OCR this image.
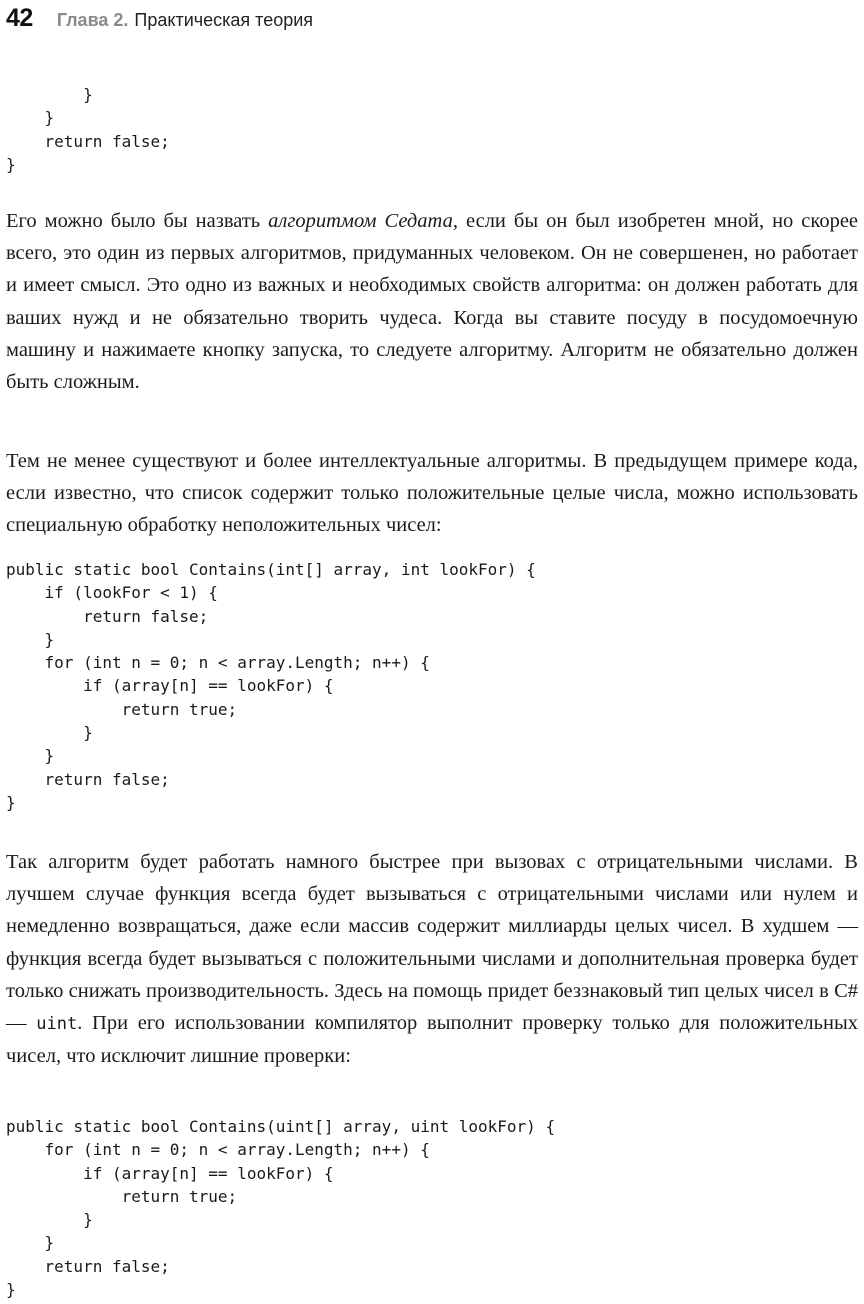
42 Глава 2. Практическая теория
}
}
return false;
}

Его можно было бы назвать алгоритмом Седата, если бы он был изобретен мной, но скорее всего, это один из первых алгоритмов, придуманных человеком. Он не совершенен, но работает и имеет смысл. Это одно из важных и необходимых свойств алгоритма: он должен работать для ваших нужд и не обязательно творить чудеса. Когда вы ставите посуду в посудомоечную машину и нажимаете кнопку запуска, то следуете алгоритму. Алгоритм не обязательно должен быть сложным.

Тем не менее существуют и более интеллектуальные алгоритмы. В предыдущем примере кода, если известно, что список содержит только положительные целые числа, можно использовать специальную обработку неположительных чисел:

public static bool Contains(int[] array, int lookFor) {
if (lookFor < 1) {
return false;
}
for (int n = 0; n < array.Length; n++) {
if (array[n] == lookFor) {
return true;
}
}
return false;
}

Так алгоритм будет работать намного быстрее при вызовах с отрицательными числами. В лучшем случае функция всегда будет вызываться с отрицательными числами или нулем и немедленно возвращаться, даже если массив содержит миллиарды целых чисел. В худшем — функция всегда будет вызываться с положительными числами и дополнительная проверка будет только снижать производительность. Здесь на помощь придет беззнаковый тип целых чисел в C# — uint. При его использовании компилятор выполнит проверку только для положительных чисел, что исключит лишние проверки:

public static bool Contains(uint[] array, uint lookFor) {
for (int n = 0; n < array.Length; n++) {
if (array[n] == lookFor) {
return true;
}
}
return false;
}
